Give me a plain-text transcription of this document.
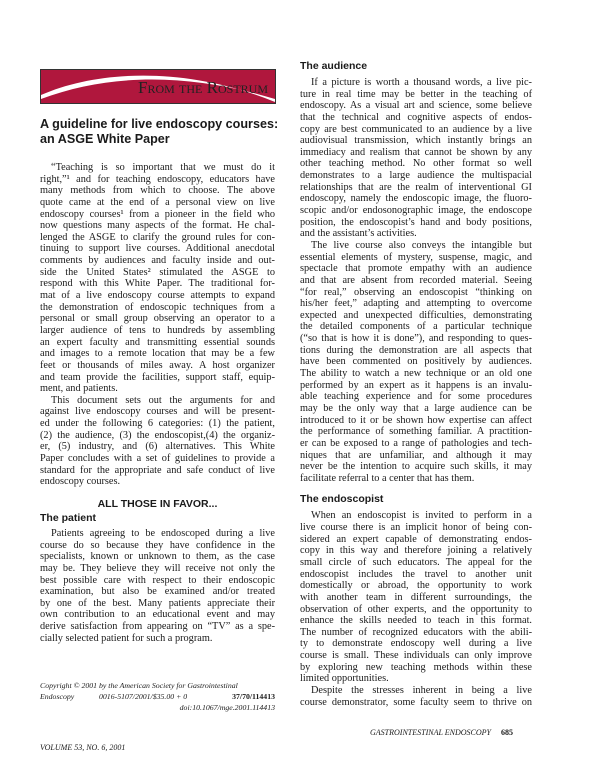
From the Rostrum
A guideline for live endoscopy courses:
an ASGE White Paper
“Teaching is so important that we must do it
right,”¹ and for teaching endoscopy, educators have
many methods from which to choose. The above
quote came at the end of a personal view on live
endoscopy courses¹ from a pioneer in the field who
now questions many aspects of the format. He chal-
lenged the ASGE to clarify the ground rules for con-
tinuing to support live courses. Additional anecdotal
comments by audiences and faculty inside and out-
side the United States² stimulated the ASGE to
respond with this White Paper. The traditional for-
mat of a live endoscopy course attempts to expand
the demonstration of endoscopic techniques from a
personal or small group observing an operator to a
larger audience of tens to hundreds by assembling
an expert faculty and transmitting essential sounds
and images to a remote location that may be a few
feet or thousands of miles away. A host organizer
and team provide the facilities, support staff, equip-
ment, and patients.
This document sets out the arguments for and
against live endoscopy courses and will be present-
ed under the following 6 categories: (1) the patient,
(2) the audience, (3) the endoscopist,(4) the organiz-
er, (5) industry, and (6) alternatives. This White
Paper concludes with a set of guidelines to provide a
standard for the appropriate and safe conduct of live
endoscopy courses.
ALL THOSE IN FAVOR...
The patient
Patients agreeing to be endoscoped during a live
course do so because they have confidence in the
specialists, known or unknown to them, as the case
may be. They believe they will receive not only the
best possible care with respect to their endoscopic
examination, but also be examined and/or treated
by one of the best. Many patients appreciate their
own contribution to an educational event and may
derive satisfaction from appearing on “TV” as a spe-
cially selected patient for such a program.
Copyright © 2001 by the American Society for Gastrointestinal
Endoscopy	0016-5107/2001/$35.00 + 0	37/70/114413
doi:10.1067/mge.2001.114413
VOLUME 53, NO. 6, 2001
The audience
If a picture is worth a thousand words, a live pic-
ture in real time may be better in the teaching of
endoscopy. As a visual art and science, some believe
that the technical and cognitive aspects of endos-
copy are best communicated to an audience by a live
audiovisual transmission, which instantly brings an
immediacy and realism that cannot be shown by any
other teaching method. No other format so well
demonstrates to a large audience the multispacial
relationships that are the realm of interventional GI
endoscopy, namely the endoscopic image, the fluoro-
scopic and/or endosonographic image, the endoscope
position, the endoscopist’s hand and body positions,
and the assistant’s activities.
The live course also conveys the intangible but
essential elements of mystery, suspense, magic, and
spectacle that promote empathy with an audience
and that are absent from recorded material. Seeing
“for real,” observing an endoscopist “thinking on
his/her feet,” adapting and attempting to overcome
expected and unexpected difficulties, demonstrating
the detailed components of a particular technique
(“so that is how it is done”), and responding to ques-
tions during the demonstration are all aspects that
have been commented on positively by audiences.
The ability to watch a new technique or an old one
performed by an expert as it happens is an invalu-
able teaching experience and for some procedures
may be the only way that a large audience can be
introduced to it or be shown how expertise can affect
the performance of something familiar. A practition-
er can be exposed to a range of pathologies and tech-
niques that are unfamiliar, and although it may
never be the intention to acquire such skills, it may
facilitate referral to a center that has them.
The endoscopist
When an endoscopist is invited to perform in a
live course there is an implicit honor of being con-
sidered an expert capable of demonstrating endos-
copy in this way and therefore joining a relatively
small circle of such educators. The appeal for the
endoscopist includes the travel to another unit
domestically or abroad, the opportunity to work
with another team in different surroundings, the
observation of other experts, and the opportunity to
enhance the skills needed to teach in this format.
The number of recognized educators with the abili-
ty to demonstrate endoscopy well during a live
course is small. These individuals can only improve
by exploring new teaching methods within these
limited opportunities.
Despite the stresses inherent in being a live
course demonstrator, some faculty seem to thrive on
GASTROINTESTINAL ENDOSCOPY 685
